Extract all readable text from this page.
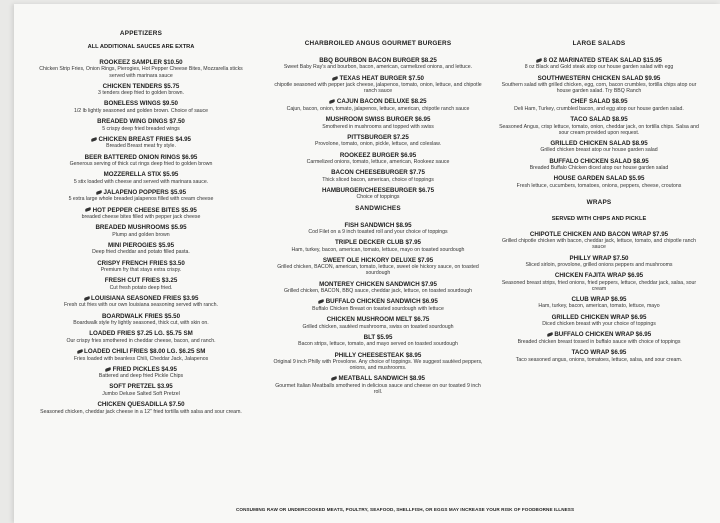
APPETIZERS
ALL ADDITIONAL SAUCES ARE EXTRA
ROOKEEZ SAMPLER $10.50
Chicken Strip Fries, Onion Rings, Pierogies, Hot Pepper Cheese Bites, Mozzarella sticks served with marinara sauce
CHICKEN TENDERS $5.75
3 tenders deep fried to golden brown.
BONELESS WINGS $9.50
1/2 lb lightly seasoned and golden brown. Choice of sauce
BREADED WING DINGS $7.50
5 crispy deep fried breaded wings
CHICKEN BREAST FRIES $4.95
Breaded Breast meat fry style.
BEER BATTERED ONION RINGS $6.95
Generous serving of thick cut rings deep fried to golden brown
MOZZERELLA STIX $5.95
5 stix loaded with cheese and served with marinara sauce.
JALAPENO POPPERS $5.95
5 extra large whole breaded jalapenos filled with cream cheese
HOT PEPPER CHEESE BITES $5.95
breaded cheese bites filled with pepper jack cheese
BREADED MUSHROOMS $5.95
Plump and golden brown
MINI PIEROGIES $5.95
Deep fried cheddar and potato filled pasta.
CRISPY FRENCH FRIES $3.50
Premium fry that stays extra crispy.
FRESH CUT FRIES $3.25
Cut fresh potato deep fried.
LOUISIANA SEASONED FRIES $3.95
Fresh cut fries with our own louisiana seasoning served with ranch.
BOARDWALK FRIES $5.50
Boardwalk style fry lightly seasoned, thick cut, with skin on.
LOADED FRIES $7.25 LG. $5.75 SM
Our crispy fries smothered in cheddar cheese, bacon, and ranch.
LOADED CHILI FRIES $8.00 LG. $6.25 SM
Fries loaded with beanless Chili, Cheddar Jack, Jalapenos
FRIED PICKLES $4.95
Battered and deep fried Pickle Chips
SOFT PRETZEL $3.95
Jumbo Deluxe Salted Soft Pretzel
CHICKEN QUESADILLA $7.50
Seasoned chicken, cheddar jack cheese in a 12" fried tortilla with salsa and sour cream.
CHARBROILED ANGUS GOURMET BURGERS
BBQ BOURBON BACON BURGER $8.25
Sweet Baby Ray's and bourbon, bacon, american, carmelized onions, and lettuce.
TEXAS HEAT BURGER $7.50
chipotle seasoned with pepper jack cheese, jalapenos, tomato, onion, lettuce, and chipotle ranch sauce
CAJUN BACON DELUXE $8.25
Cajun, bacon, onion, tomato, jalapenos, lettuce, american, chipotle ranch sauce
MUSHROOM SWISS BURGER $6.95
Smothered in mushrooms and topped with swiss
PITTSBURGER $7.25
Provolone, tomato, onion, pickle, lettuce, and coleslaw.
ROOKEEZ BURGER $6.95
Carmelized onions, tomato, lettuce, american, Rookeez sauce
BACON CHEESEBURGER $7.75
Thick sliced bacon, american, choice of toppings
HAMBURGER/CHEESEBURGER $6.75
Choice of toppings
SANDWICHES
FISH SANDWICH $8.95
Cod Filet on a 9 inch toasted roll and your choice of toppings
TRIPLE DECKER CLUB $7.95
Ham, turkey, bacon, american, tomato, lettuce, mayo on toasted sourdough
SWEET OLE HICKORY DELUXE $7.95
Grilled chicken, BACON, american, tomato, lettuce, sweet ole hickory sauce, on toasted sourdough
MONTEREY CHICKEN SANDWICH $7.95
Grilled chicken, BACON, BBQ sauce, cheddar jack, lettuce, on toasted sourdough
BUFFALO CHICKEN SANDWICH $6.95
Buffalo Chicken Breast on toasted sourdough with lettuce
CHICKEN MUSHROOM MELT $6.75
Grilled chicken, sautéed mushrooms, swiss on toasted sourdough
BLT $5.95
Bacon strips, lettuce, tomato, and mayo served on toasted sourdough
PHILLY CHEESESTEAK $8.95
Original 9 inch Philly with Provolone. Any choice of toppings. We suggest sautéed peppers, onions, and mushrooms.
MEATBALL SANDWICH $8.95
Gourmet Italian Meatballs smothered in delicious sauce and cheese on our toasted 9 inch roll.
LARGE SALADS
8 OZ MARINATED STEAK SALAD $15.95
8 oz Black and Gold steak atop our house garden salad with egg
SOUTHWESTERN CHICKEN SALAD $9.95
Southern salad with grilled chicken, egg, corn, bacon crumbles, tortilla chips atop our house garden salad. Try BBQ Ranch
CHEF SALAD $8.95
Deli Ham, Turkey, crumbled bacon, and egg atop our house garden salad.
TACO SALAD $8.95
Seasoned Angus, crisp lettuce, tomato, onion, cheddar jack, on tortilla chips. Salsa and sour cream provided upon request.
GRILLED CHICKEN SALAD $8.95
Grilled chicken breast atop our house garden salad
BUFFALO CHICKEN SALAD $8.95
Breaded Buffalo Chicken diced atop our house garden salad
HOUSE GARDEN SALAD $5.95
Fresh lettuce, cucumbers, tomatoes, onions, peppers, cheese, croutons
WRAPS
SERVED WITH CHIPS AND PICKLE
CHIPOTLE CHICKEN AND BACON WRAP $7.95
Grilled chipotle chicken with bacon, cheddar jack, lettuce, tomato, and chipotle ranch sauce
PHILLY WRAP $7.50
Sliced sirloin, provolone, grilled onions peppers and mushrooms
CHICKEN FAJITA WRAP $6.95
Seasoned breast strips, fried onions, fried peppers, lettuce, cheddar jack, salsa, sour cream
CLUB WRAP $6.95
Ham, turkey, bacon, american, tomato, lettuce, mayo
GRILLED CHICKEN WRAP $6.95
Diced chicken breast with your choice of toppings
BUFFALO CHICKEN WRAP $6.95
Breaded chicken breast tossed in buffalo sauce with choice of toppings
TACO WRAP $6.95
Taco seasoned angus, onions, tomatoes, lettuce, salsa, and sour cream.
CONSUMING RAW OR UNDERCOOKED MEATS, POULTRY, SEAFOOD, SHELLFISH, OR EGGS MAY INCREASE YOUR RISK OF FOODBORNE ILLNESS
